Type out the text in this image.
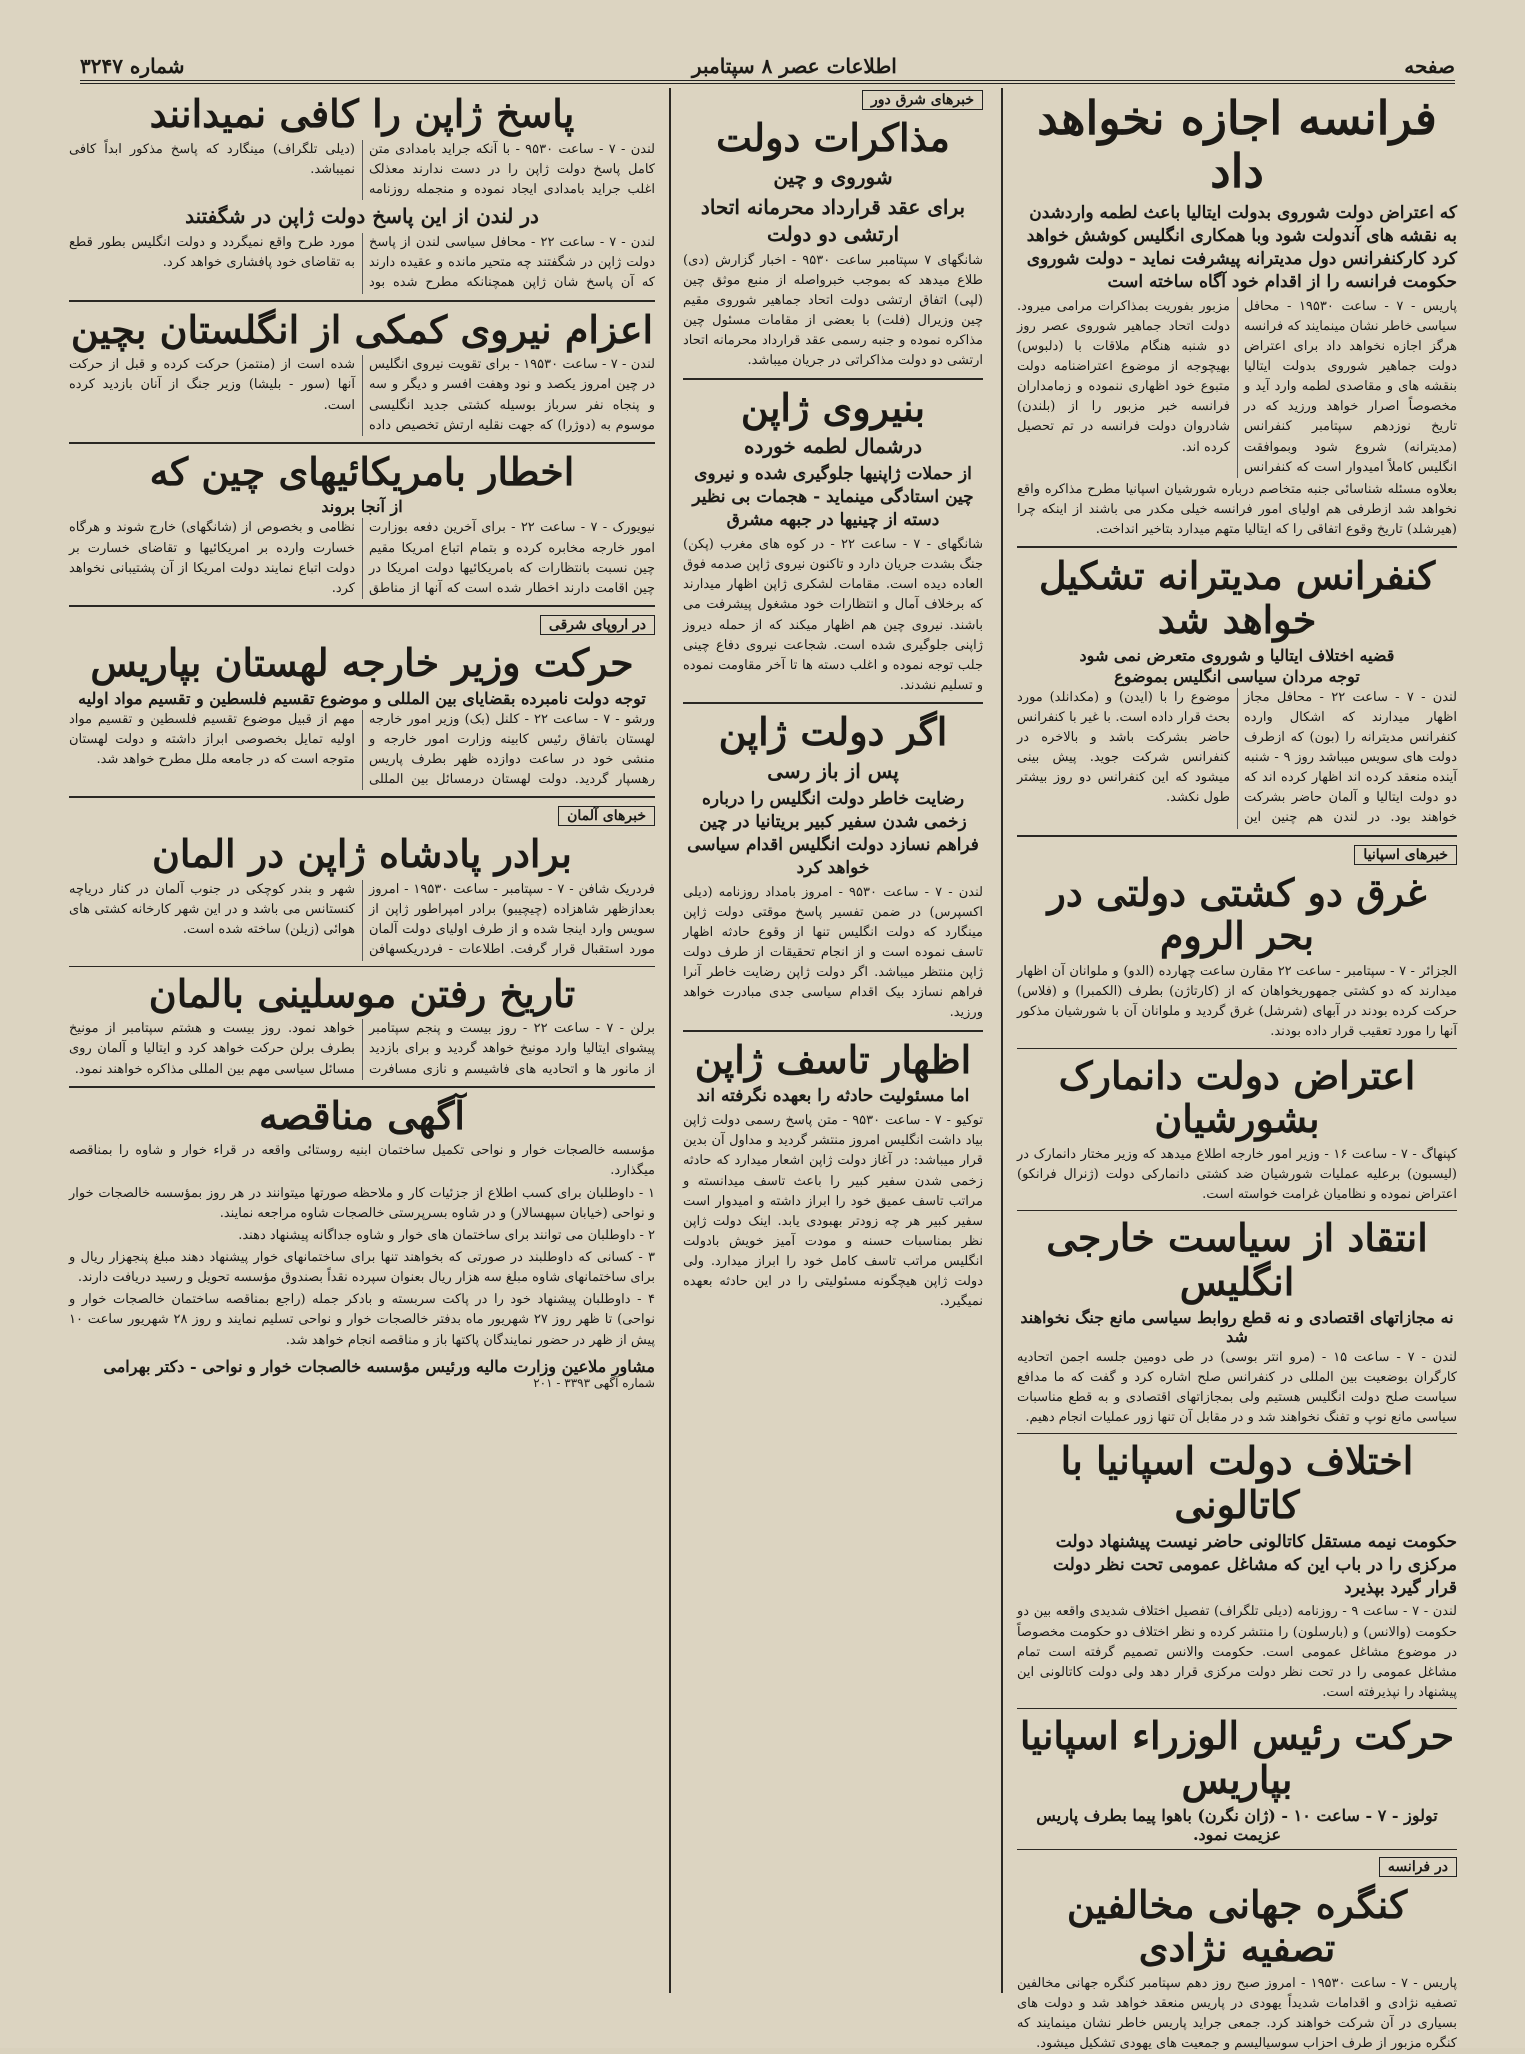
صفحه
اطلاعات عصر ۸ سپتامبر
شماره ۳۲۴۷
فرانسه اجازه نخواهد داد
که اعتراض دولت شوروی بدولت ایتالیا باعث لطمه واردشدن به نقشه های آندولت شود وبا همکاری انگلیس کوشش خواهد کرد کارکنفرانس دول مدیترانه پیشرفت نماید - دولت شوروی حکومت فرانسه را از اقدام خود آگاه ساخته است
پاریس - ۷ - ساعت ۱۹۵۳۰ - محافل سیاسی خاطر نشان مینمایند که فرانسه هرگز اجازه نخواهد داد برای اعتراض دولت جماهیر شوروی بدولت ایتالیا بنقشه های و مقاصدی لطمه وارد آید و مخصوصاً اصرار خواهد ورزید که در تاریخ نوزدهم سپتامبر کنفرانس (مدیترانه) شروع شود وبموافقت انگلیس کاملاً امیدوار است که کنفرانس مزبور بفوریت بمذاکرات مرامی میرود. دولت اتحاد جماهیر شوروی عصر روز دو شنبه هنگام ملاقات با (دلبوس) بهیچوجه از موضوع اعتراضنامه دولت متبوع خود اظهاری ننموده و زمامداران فرانسه خبر مزبور را از (بلندن) شادروان دولت فرانسه در تم تحصیل کرده اند.
بعلاوه مسئله شناسائی جنبه متخاصم درباره شورشیان اسپانیا مطرح مذاکره واقع نخواهد شد ازطرفی هم اولیای امور فرانسه خیلی مکدر می باشند از اینکه چرا (هیرشلد) تاریخ وقوع اتفاقی را که ایتالیا متهم میدارد بتاخیر انداخت.
کنفرانس مدیترانه تشکیل خواهد شد
قضیه اختلاف ایتالیا و شوروی متعرض نمی شود
توجه مردان سیاسی انگلیس بموضوع
لندن - ۷ - ساعت ۲۲ - محافل مجاز اظهار میدارند که اشکال وارده کنفرانس مدیترانه را (بون) که ازطرف دولت های سویس میباشد روز ۹ - شنبه آینده منعقد کرده اند اظهار کرده اند که دو دولت ایتالیا و آلمان حاضر بشرکت خواهند بود. در لندن هم چنین این موضوع را با (ایدن) و (مکدانلد) مورد بحث قرار داده است. با غیر با کنفرانس حاضر بشرکت باشد و بالاخره در کنفرانس شرکت جوید. پیش بینی میشود که این کنفرانس دو روز بیشتر طول نکشد.
خبرهای اسپانیا
غرق دو کشتی دولتی در بحر الروم
الجزائر - ۷ - سپتامبر - ساعت ۲۲ مقارن ساعت چهارده (الدو) و ملوانان آن اظهار میدارند که دو کشتی جمهوریخواهان که از (کارتاژن) بطرف (الکمبرا) و (فلاس) حرکت کرده بودند در آبهای (شرشل) غرق گردید و ملوانان آن با شورشیان مذکور آنها را مورد تعقیب قرار داده بودند.
اعتراض دولت دانمارک بشورشیان
کپنهاگ - ۷ - ساعت ۱۶ - وزیر امور خارجه اطلاع میدهد که وزیر مختار دانمارک در (لیسبون) برعلیه عملیات شورشیان ضد کشتی دانمارکی دولت (ژنرال فرانکو) اعتراض نموده و نظامیان غرامت خواسته است.
انتقاد از سیاست خارجی انگلیس
نه مجازاتهای اقتصادی و نه قطع روابط سیاسی مانع جنگ نخواهند شد
لندن - ۷ - ساعت ۱۵ - (مرو انتر بوسی) در طی دومین جلسه اجمن اتحادیه کارگران بوضعیت بین المللی در کنفرانس صلح اشاره کرد و گفت که ما مدافع سیاست صلح دولت انگلیس هستیم ولی بمجازاتهای اقتصادی و به قطع مناسبات سیاسی مانع نوپ و تفنگ نخواهند شد و در مقابل آن تنها زور عملیات انجام دهیم.
اختلاف دولت اسپانیا با کاتالونی
حکومت نیمه مستقل کاتالونی حاضر نیست پیشنهاد دولت مرکزی را در باب این که مشاغل عمومی تحت نظر دولت قرار گیرد بپذیرد
لندن - ۷ - ساعت ۹ - روزنامه (دیلی تلگراف) تفصیل اختلاف شدیدی واقعه بین دو حکومت (والانس) و (بارسلون) را منتشر کرده و نظر اختلاف دو حکومت مخصوصاً در موضوع مشاغل عمومی است. حکومت والانس تصمیم گرفته است تمام مشاغل عمومی را در تحت نظر دولت مرکزی قرار دهد ولی دولت کاتالونی این پیشنهاد را نپذیرفته است.
حرکت رئیس الوزراء اسپانیا بپاریس
تولوز - ۷ - ساعت ۱۰ - (ژان نگرن) باهوا پیما بطرف پاریس عزیمت نمود.
در فرانسه
کنگره جهانی مخالفین تصفیه نژادی
پاریس - ۷ - ساعت ۱۹۵۳۰ - امروز صبح روز دهم سپتامبر کنگره جهانی مخالفین تصفیه نژادی و اقدامات شدیداً یهودی در پاریس منعقد خواهد شد و دولت های بسیاری در آن شرکت خواهند کرد. جمعی جراید پاریس خاطر نشان مینمایند که کنگره مزبور از طرف احزاب سوسیالیسم و جمعیت های یهودی تشکیل میشود.
خبرهای شرق دور
مذاکرات دولت
شوروی و چین
برای عقد قرارداد محرمانه اتحاد ارتشی دو دولت
شانگهای ۷ سپتامبر ساعت ۹۵۳۰ - اخبار گزارش (دی) طلاع میدهد که بموجب خبرواصله از منبع موثق چین (لپی) اتفاق ارتشی دولت اتحاد جماهیر شوروی مقیم چین وزیرال (فلت) با بعضی از مقامات مسئول چین مذاکره نموده و جنبه رسمی عقد قرارداد محرمانه اتحاد ارتشی دو دولت مذاکراتی در جریان میباشد.
بنیروی ژاپن
درشمال لطمه خورده
از حملات ژاپنیها جلوگیری شده و نیروی چین استادگی مینماید - هجمات بی نظیر دسته از چینیها در جبهه مشرق
شانگهای - ۷ - ساعت ۲۲ - در کوه های مغرب (پکن) جنگ بشدت جریان دارد و تاکنون نیروی ژاپن صدمه فوق العاده دیده است. مقامات لشکری ژاپن اظهار میدارند که برخلاف آمال و انتظارات خود مشغول پیشرفت می باشند. نیروی چین هم اظهار میکند که از حمله دیروز ژاپنی جلوگیری شده است. شجاعت نیروی دفاع چینی جلب توجه نموده و اغلب دسته ها تا آخر مقاومت نموده و تسلیم نشدند.
اگر دولت ژاپن
پس از باز رسی
رضایت خاطر دولت انگلیس را درباره زخمی شدن سفیر کبیر بریتانیا در چین فراهم نسازد دولت انگلیس اقدام سیاسی خواهد کرد
لندن - ۷ - ساعت ۹۵۳۰ - امروز بامداد روزنامه (دیلی اکسپرس) در ضمن تفسیر پاسخ موقتی دولت ژاپن مینگارد که دولت انگلیس تنها از وقوع حادثه اظهار تاسف نموده است و از انجام تحقیقات از طرف دولت ژاپن منتظر میباشد. اگر دولت ژاپن رضایت خاطر آنرا فراهم نسازد بیک اقدام سیاسی جدی مبادرت خواهد ورزید.
اظهار تاسف ژاپن
اما مسئولیت حادثه را بعهده نگرفته اند
توکیو - ۷ - ساعت ۹۵۳۰ - متن پاسخ رسمی دولت ژاپن بیاد داشت انگلیس امروز منتشر گردید و مداول آن بدین قرار میباشد: در آغاز دولت ژاپن اشعار میدارد که حادثه زخمی شدن سفیر کبیر را باعث تاسف میدانسته و مراتب تاسف عمیق خود را ابراز داشته و امیدوار است سفیر کبیر هر چه زودتر بهبودی یابد. اینک دولت ژاپن نظر بمناسبات حسنه و مودت آمیز خویش بادولت انگلیس مراتب تاسف کامل خود را ابراز میدارد. ولی دولت ژاپن هیچگونه مسئولیتی را در این حادثه بعهده نمیگیرد.
پاسخ ژاپن را کافی نمیدانند
لندن - ۷ - ساعت ۹۵۳۰ - با آنکه جراید بامدادی متن کامل پاسخ دولت ژاپن را در دست ندارند معذلک اغلب جراید بامدادی ایجاد نموده و منجمله روزنامه (دیلی تلگراف) مینگارد که پاسخ مذکور ابداً کافی نمیباشد.
در لندن از این پاسخ دولت ژاپن در شگفتند
لندن - ۷ - ساعت ۲۲ - محافل سیاسی لندن از پاسخ دولت ژاپن در شگفتند چه متحیر مانده و عقیده دارند که آن پاسخ شان ژاپن همچنانکه مطرح شده بود مورد طرح واقع نمیگردد و دولت انگلیس بطور قطع به تقاضای خود پافشاری خواهد کرد.
اعزام نیروی کمکی از انگلستان بچین
لندن - ۷ - ساعت ۱۹۵۳۰ - برای تقویت نیروی انگلیس در چین امروز یکصد و نود وهفت افسر و دیگر و سه و پنجاه نفر سرباز بوسیله کشتی جدید انگلیسی موسوم به (دوژرا) که جهت نقلیه ارتش تخصیص داده شده است از (منتمز) حرکت کرده و قبل از حرکت آنها (سور - بلیشا) وزیر جنگ از آنان بازدید کرده است.
اخطار بامریکائیهای چین که
از آنجا بروند
نیویورک - ۷ - ساعت ۲۲ - برای آخرین دفعه بوزارت امور خارجه مخابره کرده و بتمام اتباع امریکا مقیم چین نسبت بانتظارات که بامریکائیها دولت امریکا در چین اقامت دارند اخطار شده است که آنها از مناطق نظامی و بخصوص از (شانگهای) خارج شوند و هرگاه خسارت وارده بر امریکائیها و تقاضای خسارت بر دولت اتباع نمایند دولت امریکا از آن پشتیبانی نخواهد کرد.
در اروپای شرقی
حرکت وزیر خارجه لهستان بپاریس
توجه دولت نامبرده بقضایای بین المللی و موضوع تقسیم فلسطین و تقسیم مواد اولیه
ورشو - ۷ - ساعت ۲۲ - کلنل (بک) وزیر امور خارجه لهستان باتفاق رئیس کابینه وزارت امور خارجه و منشی خود در ساعت دوازده ظهر بطرف پاریس رهسپار گردید. دولت لهستان درمسائل بین المللی مهم از قبیل موضوع تقسیم فلسطین و تقسیم مواد اولیه تمایل بخصوصی ابراز داشته و دولت لهستان متوجه است که در جامعه ملل مطرح خواهد شد.
خبرهای آلمان
برادر پادشاه ژاپن در المان
فردریک شافن - ۷ - سپتامبر - ساعت ۱۹۵۳۰ - امروز بعدازظهر شاهزاده (چیچیبو) برادر امپراطور ژاپن از سویس وارد اینجا شده و از طرف اولیای دولت آلمان مورد استقبال قرار گرفت. اطلاعات - فردریکسهافن شهر و بندر کوچکی در جنوب آلمان در کنار دریاچه کنستانس می باشد و در این شهر کارخانه کشتی های هوائی (زیلن) ساخته شده است.
تاریخ رفتن موسلینی بالمان
برلن - ۷ - ساعت ۲۲ - روز بیست و پنجم سپتامبر پیشوای ایتالیا وارد مونیخ خواهد گردید و برای بازدید از مانور ها و اتحادیه های فاشیسم و نازی مسافرت خواهد نمود. روز بیست و هشتم سپتامبر از مونیخ بطرف برلن حرکت خواهد کرد و ایتالیا و آلمان روی مسائل سیاسی مهم بین المللی مذاکره خواهند نمود.
آگهی مناقصه
مؤسسه خالصجات خوار و نواحی تکمیل ساختمان ابنیه روستائی واقعه در قراء خوار و شاوه را بمناقصه میگذارد.
۱ - داوطلبان برای کسب اطلاع از جزئیات کار و ملاحظه صورتها میتوانند در هر روز بمؤسسه خالصجات خوار و نواحی (خیابان سپهسالار) و در شاوه بسرپرستی خالصجات شاوه مراجعه نمایند.
۲ - داوطلبان می توانند برای ساختمان های خوار و شاوه جداگانه پیشنهاد دهند.
۳ - کسانی که داوطلبند در صورتی که بخواهند تنها برای ساختمانهای خوار پیشنهاد دهند مبلغ پنجهزار ریال و برای ساختمانهای شاوه مبلغ سه هزار ریال بعنوان سپرده نقداً بصندوق مؤسسه تحویل و رسید دریافت دارند.
۴ - داوطلبان پیشنهاد خود را در پاکت سربسته و بادکر جمله (راجع بمناقصه ساختمان خالصجات خوار و نواحی) تا ظهر روز ۲۷ شهریور ماه بدفتر خالصجات خوار و نواحی تسلیم نمایند و روز ۲۸ شهریور ساعت ۱۰ پیش از ظهر در حضور نمایندگان پاکتها باز و مناقصه انجام خواهد شد.
مشاور ملاعین وزارت مالیه ورئیس مؤسسه خالصجات خوار و نواحی - دکتر بهرامی
شماره آگهی ۳۳۹۳ - ۲۰۱
